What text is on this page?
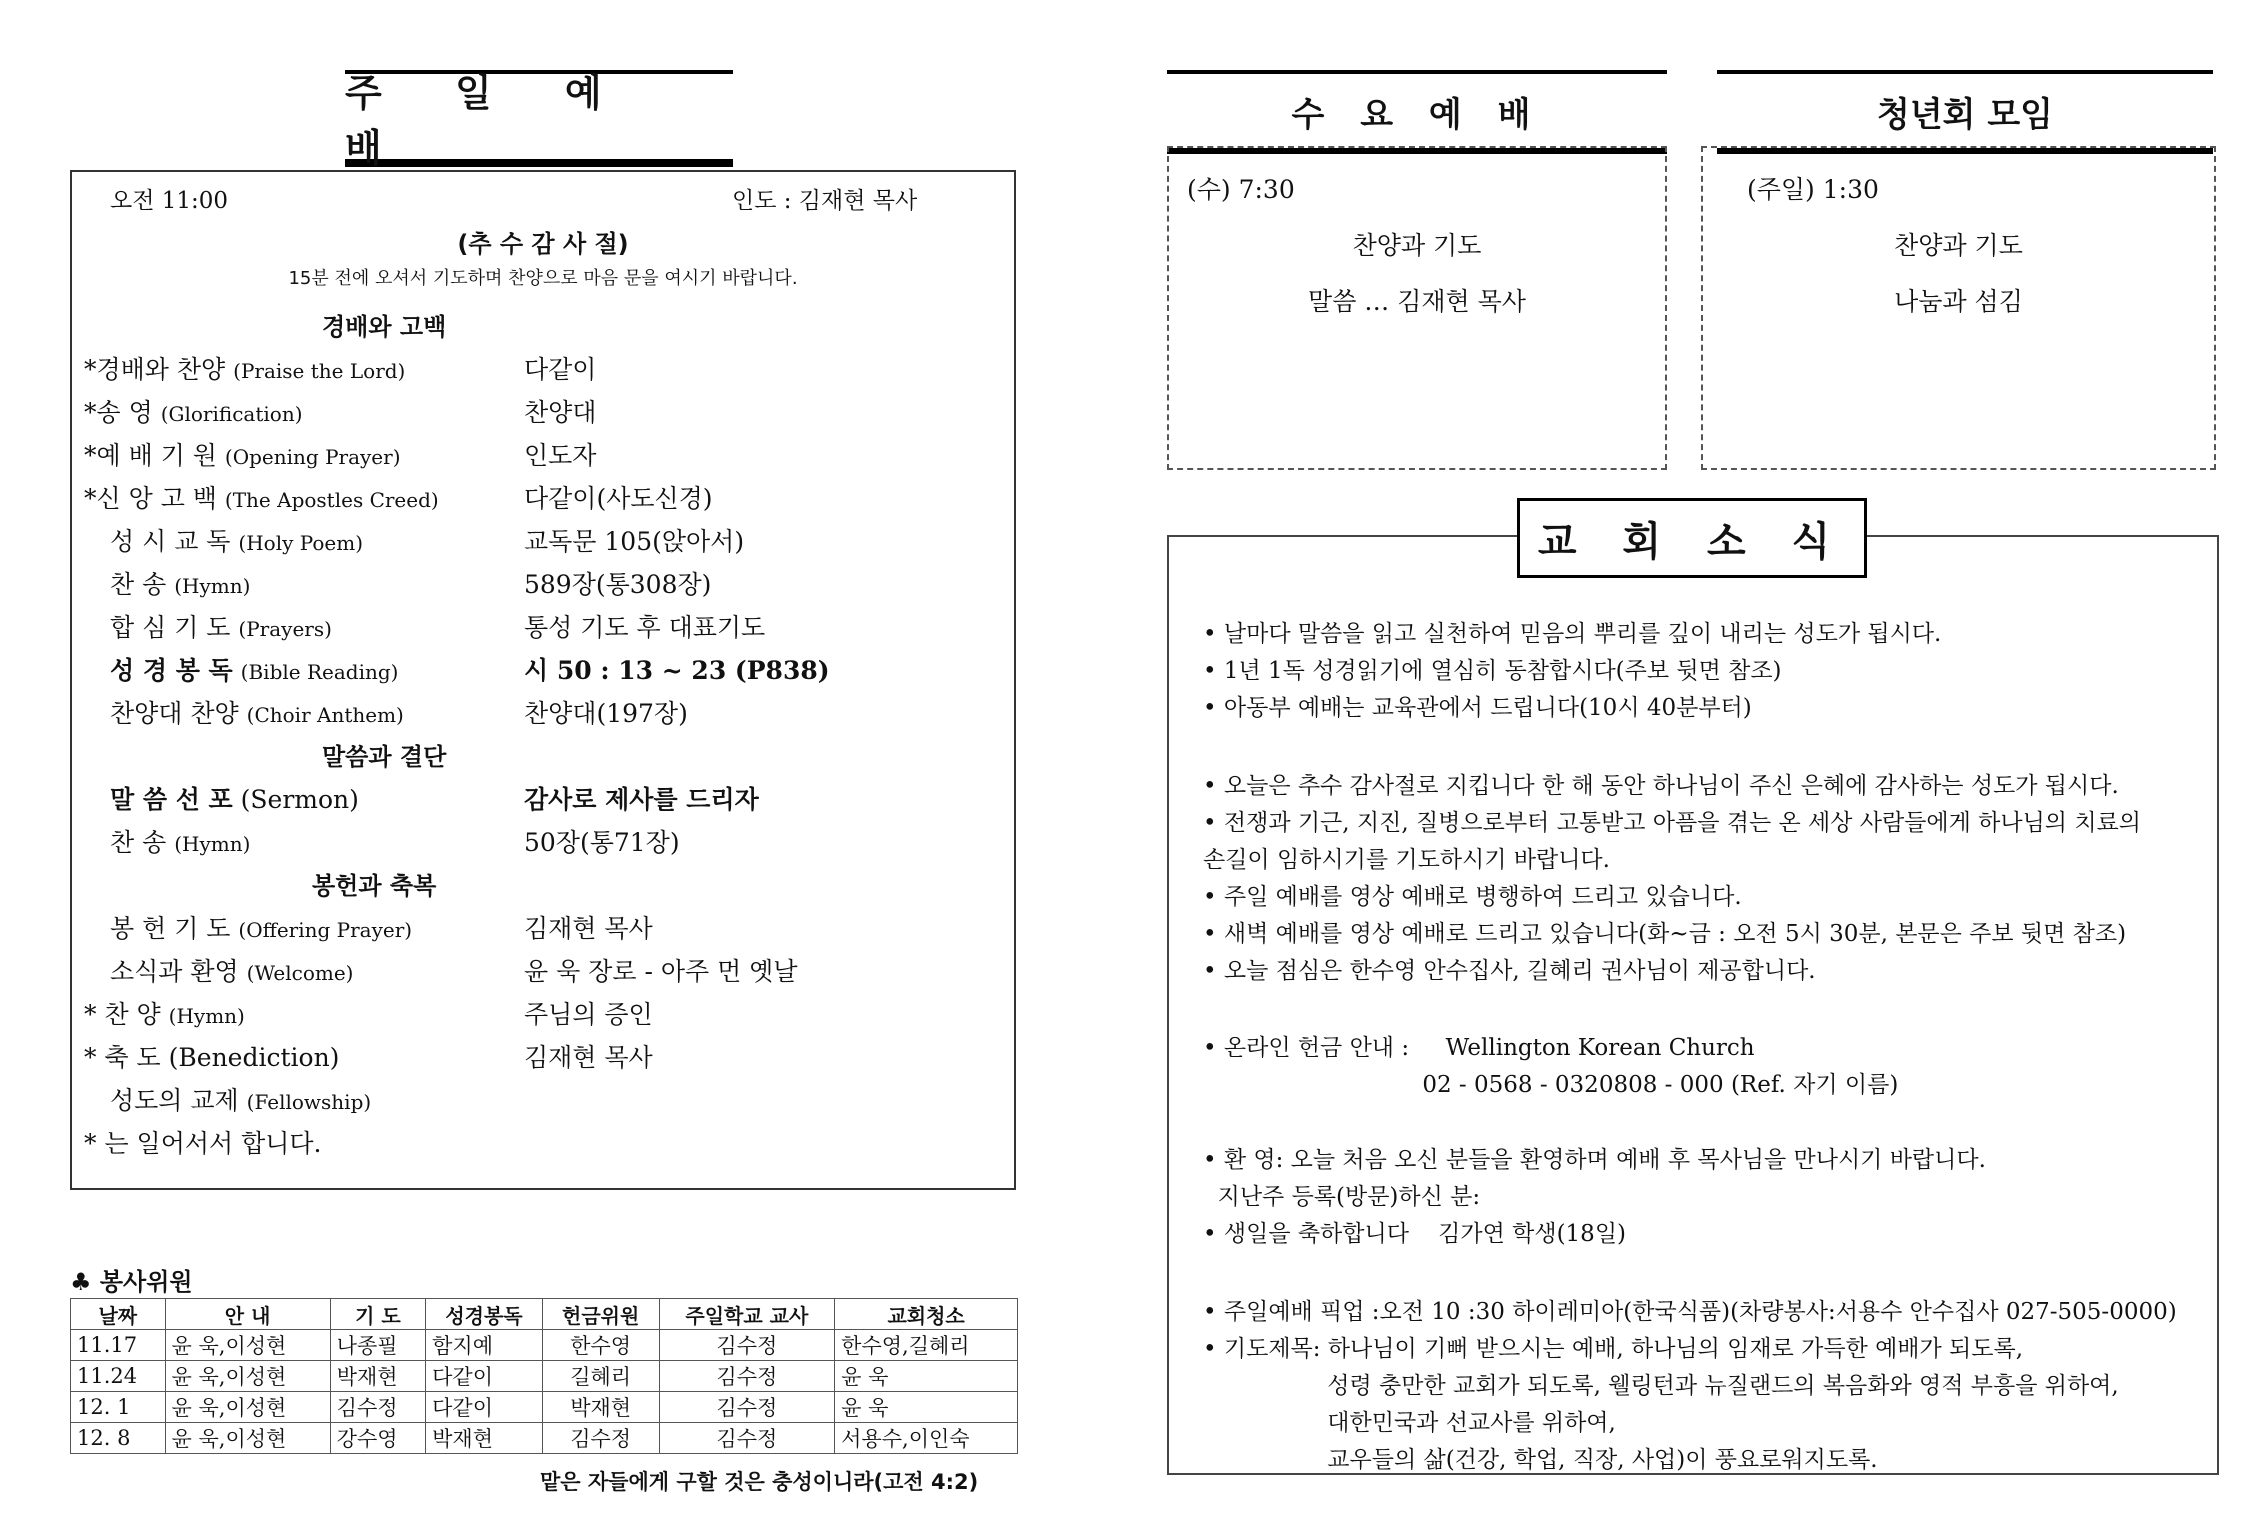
주 일 예 배
오전 11:00	인도 : 김재현 목사
(추 수 감 사 절)
15분 전에 오셔서 기도하며 찬양으로 마음 문을 여시기 바랍니다.
경배와 고백
*경배와 찬양 (Praise the Lord)	다같이
*송 영 (Glorification)	찬양대
*예 배 기 원 (Opening Prayer)	인도자
*신 앙 고 백 (The Apostles Creed)	다같이(사도신경)
성 시 교 독 (Holy Poem)	교독문 105(앉아서)
찬 송 (Hymn)	589장(통308장)
합 심 기 도 (Prayers)	통성 기도 후 대표기도
성 경 봉 독 (Bible Reading)	시 50 : 13 ~ 23 (P838)
찬양대 찬양 (Choir Anthem)	찬양대(197장)
말씀과 결단
말 씀 선 포 (Sermon)	감사로 제사를 드리자
찬 송 (Hymn)	50장(통71장)
봉헌과 축복
봉 헌 기 도 (Offering Prayer)	김재현 목사
소식과 환영 (Welcome)	윤 욱 장로 - 아주 먼 옛날
* 찬 양 (Hymn)	주님의 증인
* 축 도 (Benediction)	김재현 목사
성도의 교제 (Fellowship)
* 는 일어서서 합니다.
♣ 봉사위원
날짜	안 내	기 도	성경봉독	헌금위원	주일학교 교사	교회청소
11.17	윤 욱,이성현	나종필	함지예	한수영	김수정	한수영,길혜리
11.24	윤 욱,이성현	박재현	다같이	길혜리	김수정	윤 욱
12. 1	윤 욱,이성현	김수정	다같이	박재현	김수정	윤 욱
12. 8	윤 욱,이성현	강수영	박재현	김수정	김수정	서용수,이인숙
맡은 자들에게 구할 것은 충성이니라(고전 4:2)
수 요 예 배
(수) 7:30
찬양과 기도
말씀 … 김재현 목사
청년회 모임
(주일) 1:30
찬양과 기도
나눔과 섬김
• 날마다 말씀을 읽고 실천하여 믿음의 뿌리를 깊이 내리는 성도가 됩시다.
• 1년 1독 성경읽기에 열심히 동참합시다(주보 뒷면 참조)
• 아동부 예배는 교육관에서 드립니다(10시 40분부터)
• 오늘은 추수 감사절로 지킵니다 한 해 동안 하나님이 주신 은혜에 감사하는 성도가 됩시다.
• 전쟁과 기근, 지진, 질병으로부터 고통받고 아픔을 겪는 온 세상 사람들에게 하나님의 치료의
손길이 임하시기를 기도하시기 바랍니다.
• 주일 예배를 영상 예배로 병행하여 드리고 있습니다.
• 새벽 예배를 영상 예배로 드리고 있습니다(화~금 : 오전 5시 30분, 본문은 주보 뒷면 참조)
• 오늘 점심은 한수영 안수집사, 길혜리 권사님이 제공합니다.
• 온라인 헌금 안내 :     Wellington Korean Church
02 - 0568 - 0320808 - 000 (Ref. 자기 이름)
• 환 영: 오늘 처음 오신 분들을 환영하며 예배 후 목사님을 만나시기 바랍니다.
지난주 등록(방문)하신 분:
• 생일을 축하합니다    김가연 학생(18일)
• 주일예배 픽업 :오전 10 :30 하이레미아(한국식품)(차량봉사:서용수 안수집사 027-505-0000)
• 기도제목: 하나님이 기뻐 받으시는 예배, 하나님의 임재로 가득한 예배가 되도록,
성령 충만한 교회가 되도록, 웰링턴과 뉴질랜드의 복음화와 영적 부흥을 위하여,
대한민국과 선교사를 위하여,
교우들의 삶(건강, 학업, 직장, 사업)이 풍요로워지도록.
교 회 소 식
